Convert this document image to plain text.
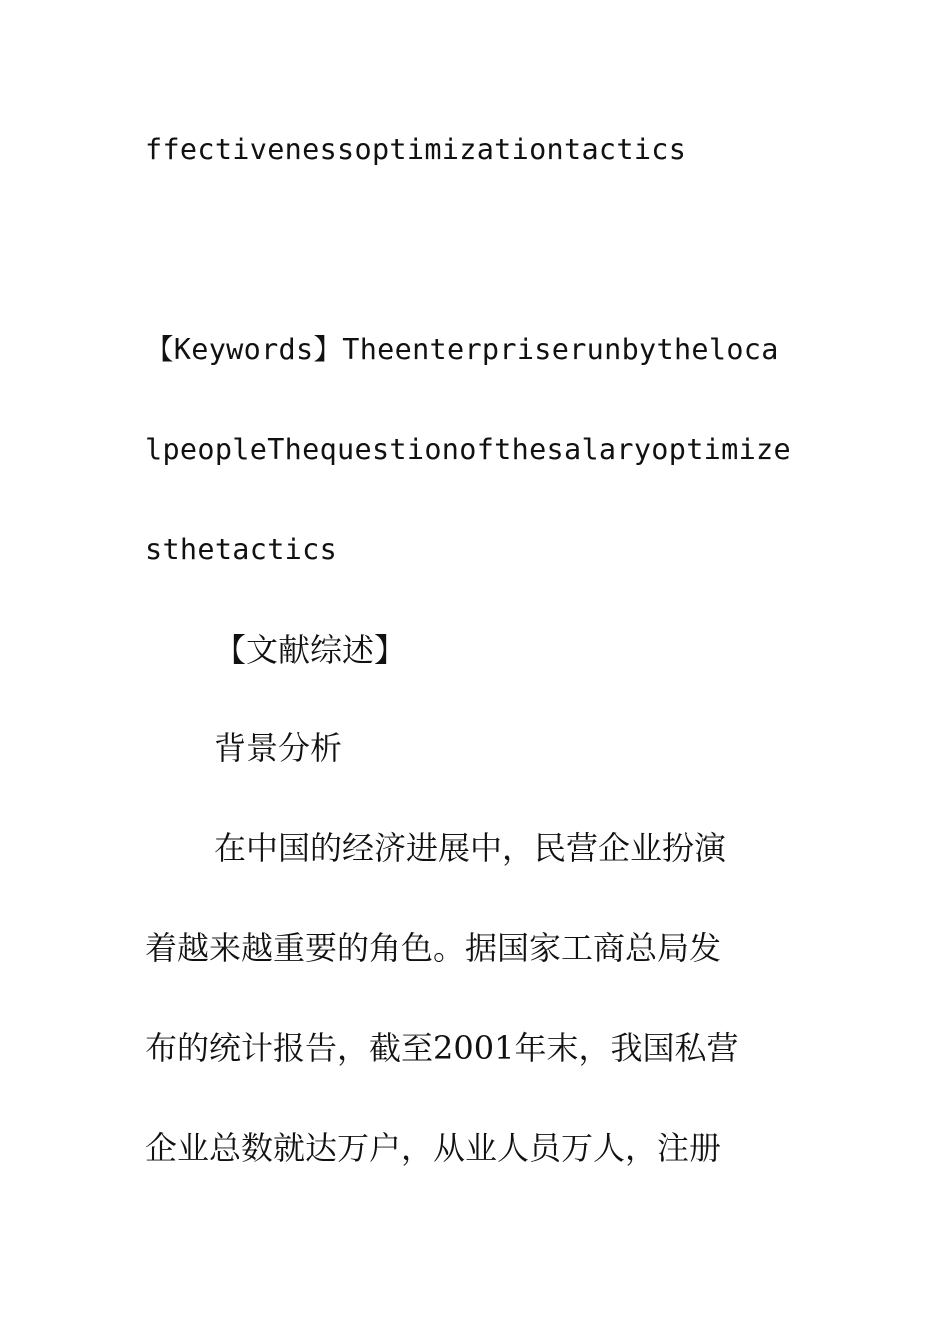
ffectivenessoptimizationtactics

【Keywords】Theenterpriserunbytheloca

lpeopleThequestionofthesalaryoptimize

sthetactics

【文献综述】

背景分析

在中国的经济进展中，民营企业扮演

着越来越重要的角色。据国家工商总局发

布的统计报告，截至2001年末，我国私营

企业总数就达万户，从业人员万人，注册
